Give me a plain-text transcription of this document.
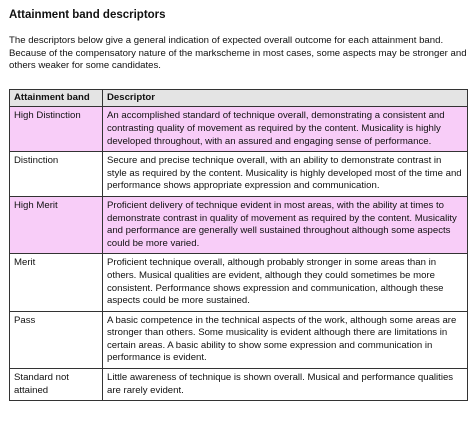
Attainment band descriptors

The descriptors below give a general indication of expected overall outcome for each attainment band. Because of the compensatory nature of the markscheme in most cases, some aspects may be stronger and others weaker for some candidates.

Attainment band	Descriptor
High Distinction	An accomplished standard of technique overall, demonstrating a consistent and contrasting quality of movement as required by the content. Musicality is highly developed throughout, with an assured and engaging sense of performance.
Distinction	Secure and precise technique overall, with an ability to demonstrate contrast in style as required by the content. Musicality is highly developed most of the time and performance shows appropriate expression and communication.
High Merit	Proficient delivery of technique evident in most areas, with the ability at times to demonstrate contrast in quality of movement as required by the content. Musicality and performance are generally well sustained throughout although some aspects could be more varied.
Merit	Proficient technique overall, although probably stronger in some areas than in others. Musical qualities are evident, although they could sometimes be more consistent. Performance shows expression and communication, although these aspects could be more sustained.
Pass	A basic competence in the technical aspects of the work, although some areas are stronger than others. Some musicality is evident although there are limitations in certain areas. A basic ability to show some expression and communication in performance is evident.
Standard not attained	Little awareness of technique is shown overall. Musical and performance qualities are rarely evident.
